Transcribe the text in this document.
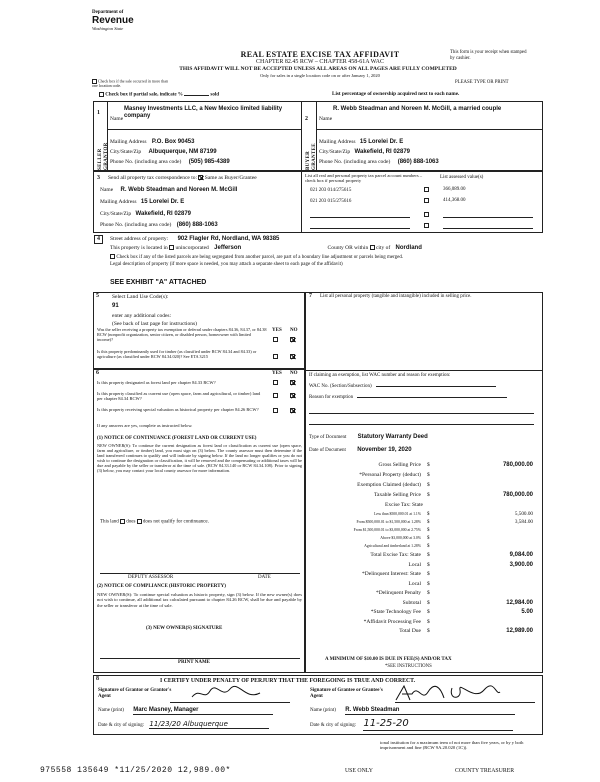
Department of
Revenue
Washington State
REAL ESTATE EXCISE TAX AFFIDAVIT
CHAPTER 82.45 RCW – CHAPTER 458-61A WAC
THIS AFFIDAVIT WILL NOT BE ACCEPTED UNLESS ALL AREAS ON ALL PAGES ARE FULLY COMPLETED
Only for sales in a single location code on or after January 1, 2020
This form is your receipt when stamped by cashier.
PLEASE TYPE OR PRINT
Check box if the sale occurred in more than one location code.
Check box if partial sale, indicate %	sold	List percentage of ownership acquired next to each name.
1
SELLER GRANTOR
Name
Masney Investments LLC, a New Mexico limited liability company
Mailing Address P.O. Box 90453
City/State/Zip Albuquerque, NM 87199
Phone No. (including area code) (505) 985-4389
2
BUYER GRANTEE
Name
R. Webb Steadman and Noreen M. McGill, a married couple
Mailing Address 15 Lorelei Dr. E
City/State/Zip Wakefield, RI 02879
Phone No. (including area code) (860) 888-1063
3 Send all property tax correspondence to: Same as Buyer/Grantee
Name R. Webb Steadman and Noreen M. McGill
Mailing Address 15 Lorelei Dr. E
City/State/Zip Wakefield, RI 02879
Phone No. (including area code) (860) 888-1063
List all real and personal property tax parcel account numbers – check box if personal property
List assessed value(s)
021 203 014/275615	366,089.00
021 203 015/275616	414,368.00
4	Street address of property: 902 Flagler Rd, Nordland, WA 98385
This property is located in unincorporated Jefferson	County OR within city of Nordland
Check box if any of the listed parcels are being segregated from another parcel, are part of a boundary line adjustment or parcels being merged.
Legal description of property (if more space is needed, you may attach a separate sheet to each page of the affidavit)
SEE EXHIBIT "A" ATTACHED
5 Select Land Use Code(s):
91
enter any additional codes:
(See back of last page for instructions)
YES NO
Was the seller receiving a property tax exemption or deferral under chapters 84.36, 84.37, or 84.38 RCW (nonprofit organization, senior citizen, or disabled person, homeowner with limited income)?
Is this property predominantly used for timber (as classified under RCW 84.34 and 84.33) or agriculture (as classified under RCW 84.34.020)? See ETA 3215
6	YES NO
Is this property designated as forest land per chapter 84.33 RCW?
Is this property classified as current use (open space, farm and agricultural, or timber) land per chapter 84.34 RCW?
Is this property receiving special valuation as historical property per chapter 84.26 RCW?
If any answers are yes, complete as instructed below.
(1) NOTICE OF CONTINUANCE (FOREST LAND OR CURRENT USE)
NEW OWNER(S): To continue the current designation as forest land or classification as current use (open space, farm and agriculture, or timber) land, you must sign on (3) below. The county assessor must then determine if the land transferred continues to qualify and will indicate by signing below. If the land no longer qualifies or you do not wish to continue the designation or classification, it will be removed and the compensating or additional taxes will be due and payable by the seller or transferor at the time of sale. (RCW 84.33.140 or RCW 84.34.108). Prior to signing (3) below, you may contact your local county assessor for more information.
This land does does not qualify for continuance.
DEPUTY ASSESSOR	DATE
(2) NOTICE OF COMPLIANCE (HISTORIC PROPERTY)
NEW OWNER(S): To continue special valuation as historic property, sign (3) below. If the new owner(s) does not wish to continue, all additional tax calculated pursuant to chapter 84.26 RCW, shall be due and payable by the seller or transferor at the time of sale.
(3) NEW OWNER(S) SIGNATURE
PRINT NAME
7 List all personal property (tangible and intangible) included in selling price.
If claiming an exemption, list WAC number and reason for exemption:
WAC No. (Section/Subsection)
Reason for exemption
Type of Document Statutory Warranty Deed
Date of Document November 19, 2020
Gross Selling Price $	780,000.00
*Personal Property (deduct) $
Exemption Claimed (deduct) $
Taxable Selling Price $	780,000.00
Excise Tax: State
Less than $500,000.01 at 1.1% $	5,500.00
From $500,000.01 to $1,500,000 at 1.28% $	3,584.00
From $1,500,000.01 to $3,000,000 at 2.75% $
Above $3,000,000 at 3.0% $
Agricultural and timberland at 1.28% $
Total Excise Tax: State $	9,084.00
Local $	3,900.00
*Delinquent Interest: State $
Local $
*Delinquent Penalty $
Subtotal $	12,984.00
*State Technology Fee $	5.00
*Affidavit Processing Fee $
Total Due $	12,989.00
A MINIMUM OF $10.00 IS DUE IN FEE(S) AND/OR TAX
*SEE INSTRUCTIONS
8	I CERTIFY UNDER PENALTY OF PERJURY THAT THE FOREGOING IS TRUE AND CORRECT.
Signature of Grantor or Grantor's Agent
Signature of Grantee or Grantee's Agent
Name (print) Marc Masney, Manager	Name (print) R. Webb Steadman
Date & city of signing: 11/23/20 Albuquerque	Date & city of signing: 11-25-20
ional institution for a maximum term of not more than five years, or by y both imprisonment and fine (RCW 9A.20.020 (1C)).
975558 135649 *11/25/2020 12,989.00*	USE ONLY	COUNTY TREASURER
